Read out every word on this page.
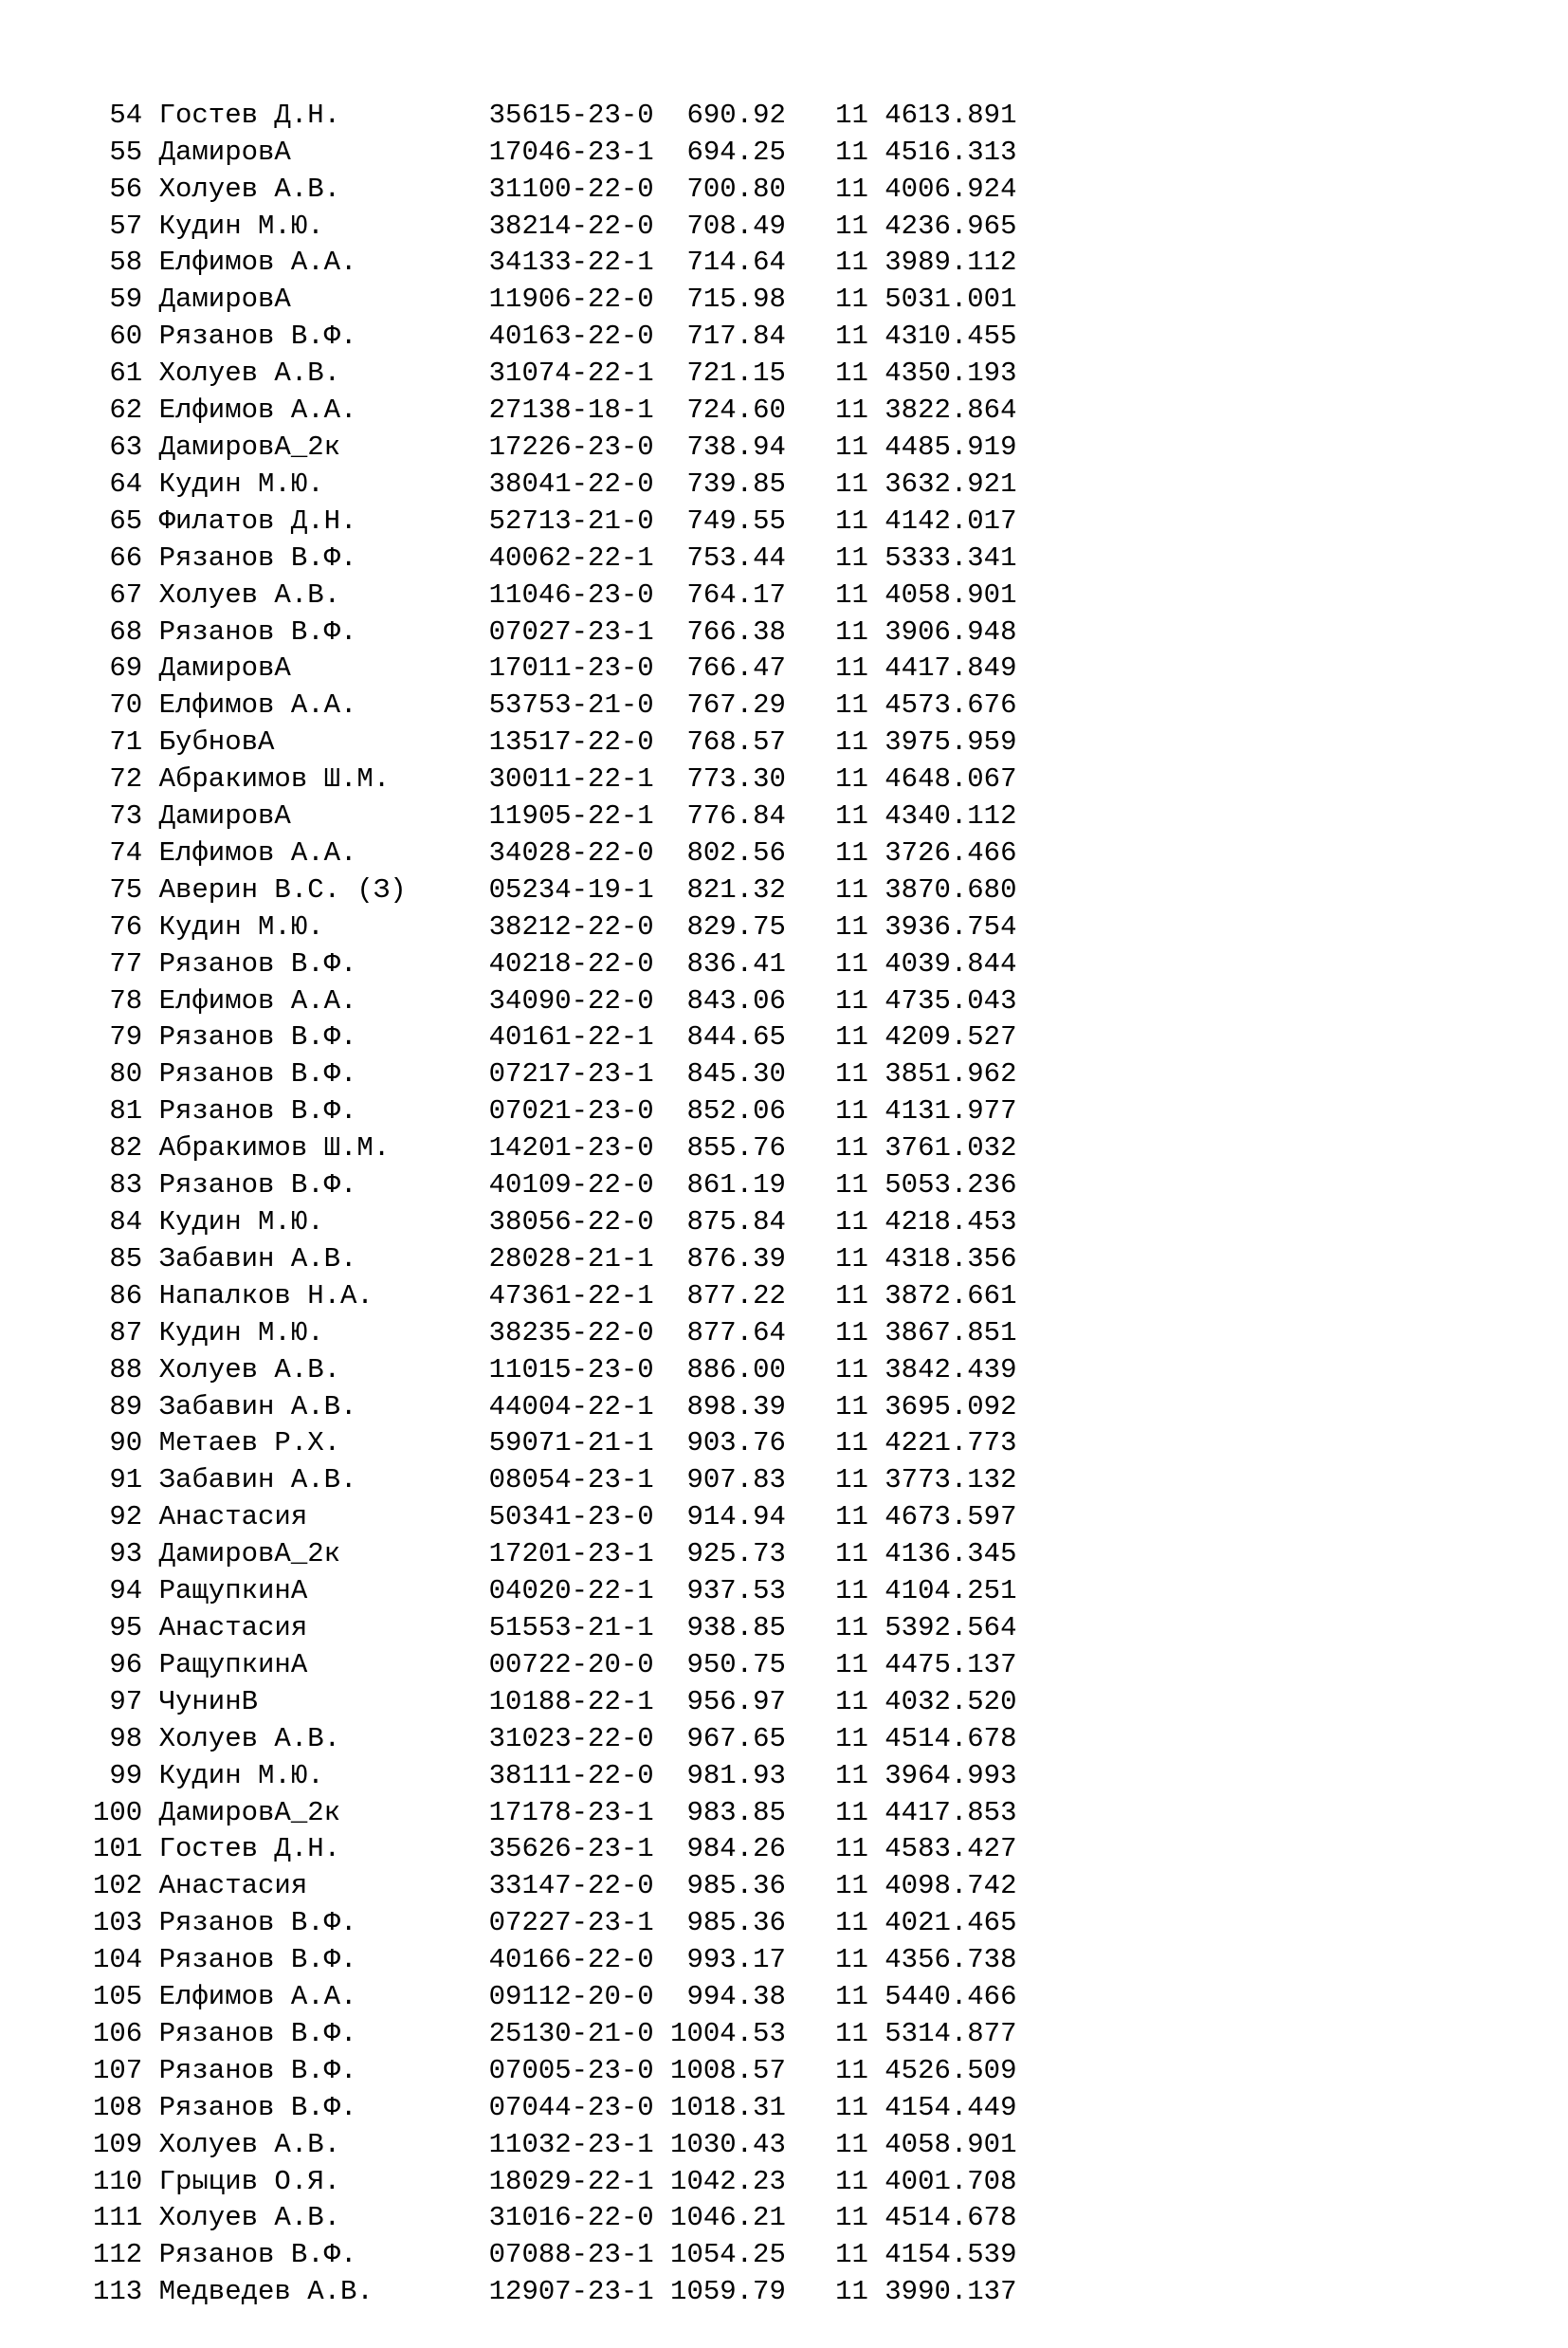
54 Гостев Д.Н.	35615-23-0	690.92	11 4613.891
55 ДамировА	17046-23-1	694.25	11 4516.313
56 Холуев А.В.	31100-22-0	700.80	11 4006.924
57 Кудин М.Ю.	38214-22-0	708.49	11 4236.965
58 Елфимов А.А.	34133-22-1	714.64	11 3989.112
59 ДамировА	11906-22-0	715.98	11 5031.001
60 Рязанов В.Ф.	40163-22-0	717.84	11 4310.455
61 Холуев А.В.	31074-22-1	721.15	11 4350.193
62 Елфимов А.А.	27138-18-1	724.60	11 3822.864
63 ДамировА_2к	17226-23-0	738.94	11 4485.919
64 Кудин М.Ю.	38041-22-0	739.85	11 3632.921
65 Филатов Д.Н.	52713-21-0	749.55	11 4142.017
66 Рязанов В.Ф.	40062-22-1	753.44	11 5333.341
67 Холуев А.В.	11046-23-0	764.17	11 4058.901
68 Рязанов В.Ф.	07027-23-1	766.38	11 3906.948
69 ДамировА	17011-23-0	766.47	11 4417.849
70 Елфимов А.А.	53753-21-0	767.29	11 4573.676
71 БубновА	13517-22-0	768.57	11 3975.959
72 Абракимов Ш.М.	30011-22-1	773.30	11 4648.067
73 ДамировА	11905-22-1	776.84	11 4340.112
74 Елфимов А.А.	34028-22-0	802.56	11 3726.466
75 Аверин В.С. (З)	05234-19-1	821.32	11 3870.680
76 Кудин М.Ю.	38212-22-0	829.75	11 3936.754
77 Рязанов В.Ф.	40218-22-0	836.41	11 4039.844
78 Елфимов А.А.	34090-22-0	843.06	11 4735.043
79 Рязанов В.Ф.	40161-22-1	844.65	11 4209.527
80 Рязанов В.Ф.	07217-23-1	845.30	11 3851.962
81 Рязанов В.Ф.	07021-23-0	852.06	11 4131.977
82 Абракимов Ш.М.	14201-23-0	855.76	11 3761.032
83 Рязанов В.Ф.	40109-22-0	861.19	11 5053.236
84 Кудин М.Ю.	38056-22-0	875.84	11 4218.453
85 Забавин А.В.	28028-21-1	876.39	11 4318.356
86 Напалков Н.А.	47361-22-1	877.22	11 3872.661
87 Кудин М.Ю.	38235-22-0	877.64	11 3867.851
88 Холуев А.В.	11015-23-0	886.00	11 3842.439
89 Забавин А.В.	44004-22-1	898.39	11 3695.092
90 Метаев Р.Х.	59071-21-1	903.76	11 4221.773
91 Забавин А.В.	08054-23-1	907.83	11 3773.132
92 Анастасия	50341-23-0	914.94	11 4673.597
93 ДамировА_2к	17201-23-1	925.73	11 4136.345
94 РащупкинА	04020-22-1	937.53	11 4104.251
95 Анастасия	51553-21-1	938.85	11 5392.564
96 РащупкинА	00722-20-0	950.75	11 4475.137
97 ЧунинВ	10188-22-1	956.97	11 4032.520
98 Холуев А.В.	31023-22-0	967.65	11 4514.678
99 Кудин М.Ю.	38111-22-0	981.93	11 3964.993
100 ДамировА_2к	17178-23-1	983.85	11 4417.853
101 Гостев Д.Н.	35626-23-1	984.26	11 4583.427
102 Анастасия	33147-22-0	985.36	11 4098.742
103 Рязанов В.Ф.	07227-23-1	985.36	11 4021.465
104 Рязанов В.Ф.	40166-22-0	993.17	11 4356.738
105 Елфимов А.А.	09112-20-0	994.38	11 5440.466
106 Рязанов В.Ф.	25130-21-0 1004.53	11 5314.877
107 Рязанов В.Ф.	07005-23-0 1008.57	11 4526.509
108 Рязанов В.Ф.	07044-23-0 1018.31	11 4154.449
109 Холуев А.В.	11032-23-1 1030.43	11 4058.901
110 Грыцив О.Я.	18029-22-1 1042.23	11 4001.708
111 Холуев А.В.	31016-22-0 1046.21	11 4514.678
112 Рязанов В.Ф.	07088-23-1 1054.25	11 4154.539
113 Медведев А.В.	12907-23-1 1059.79	11 3990.137
